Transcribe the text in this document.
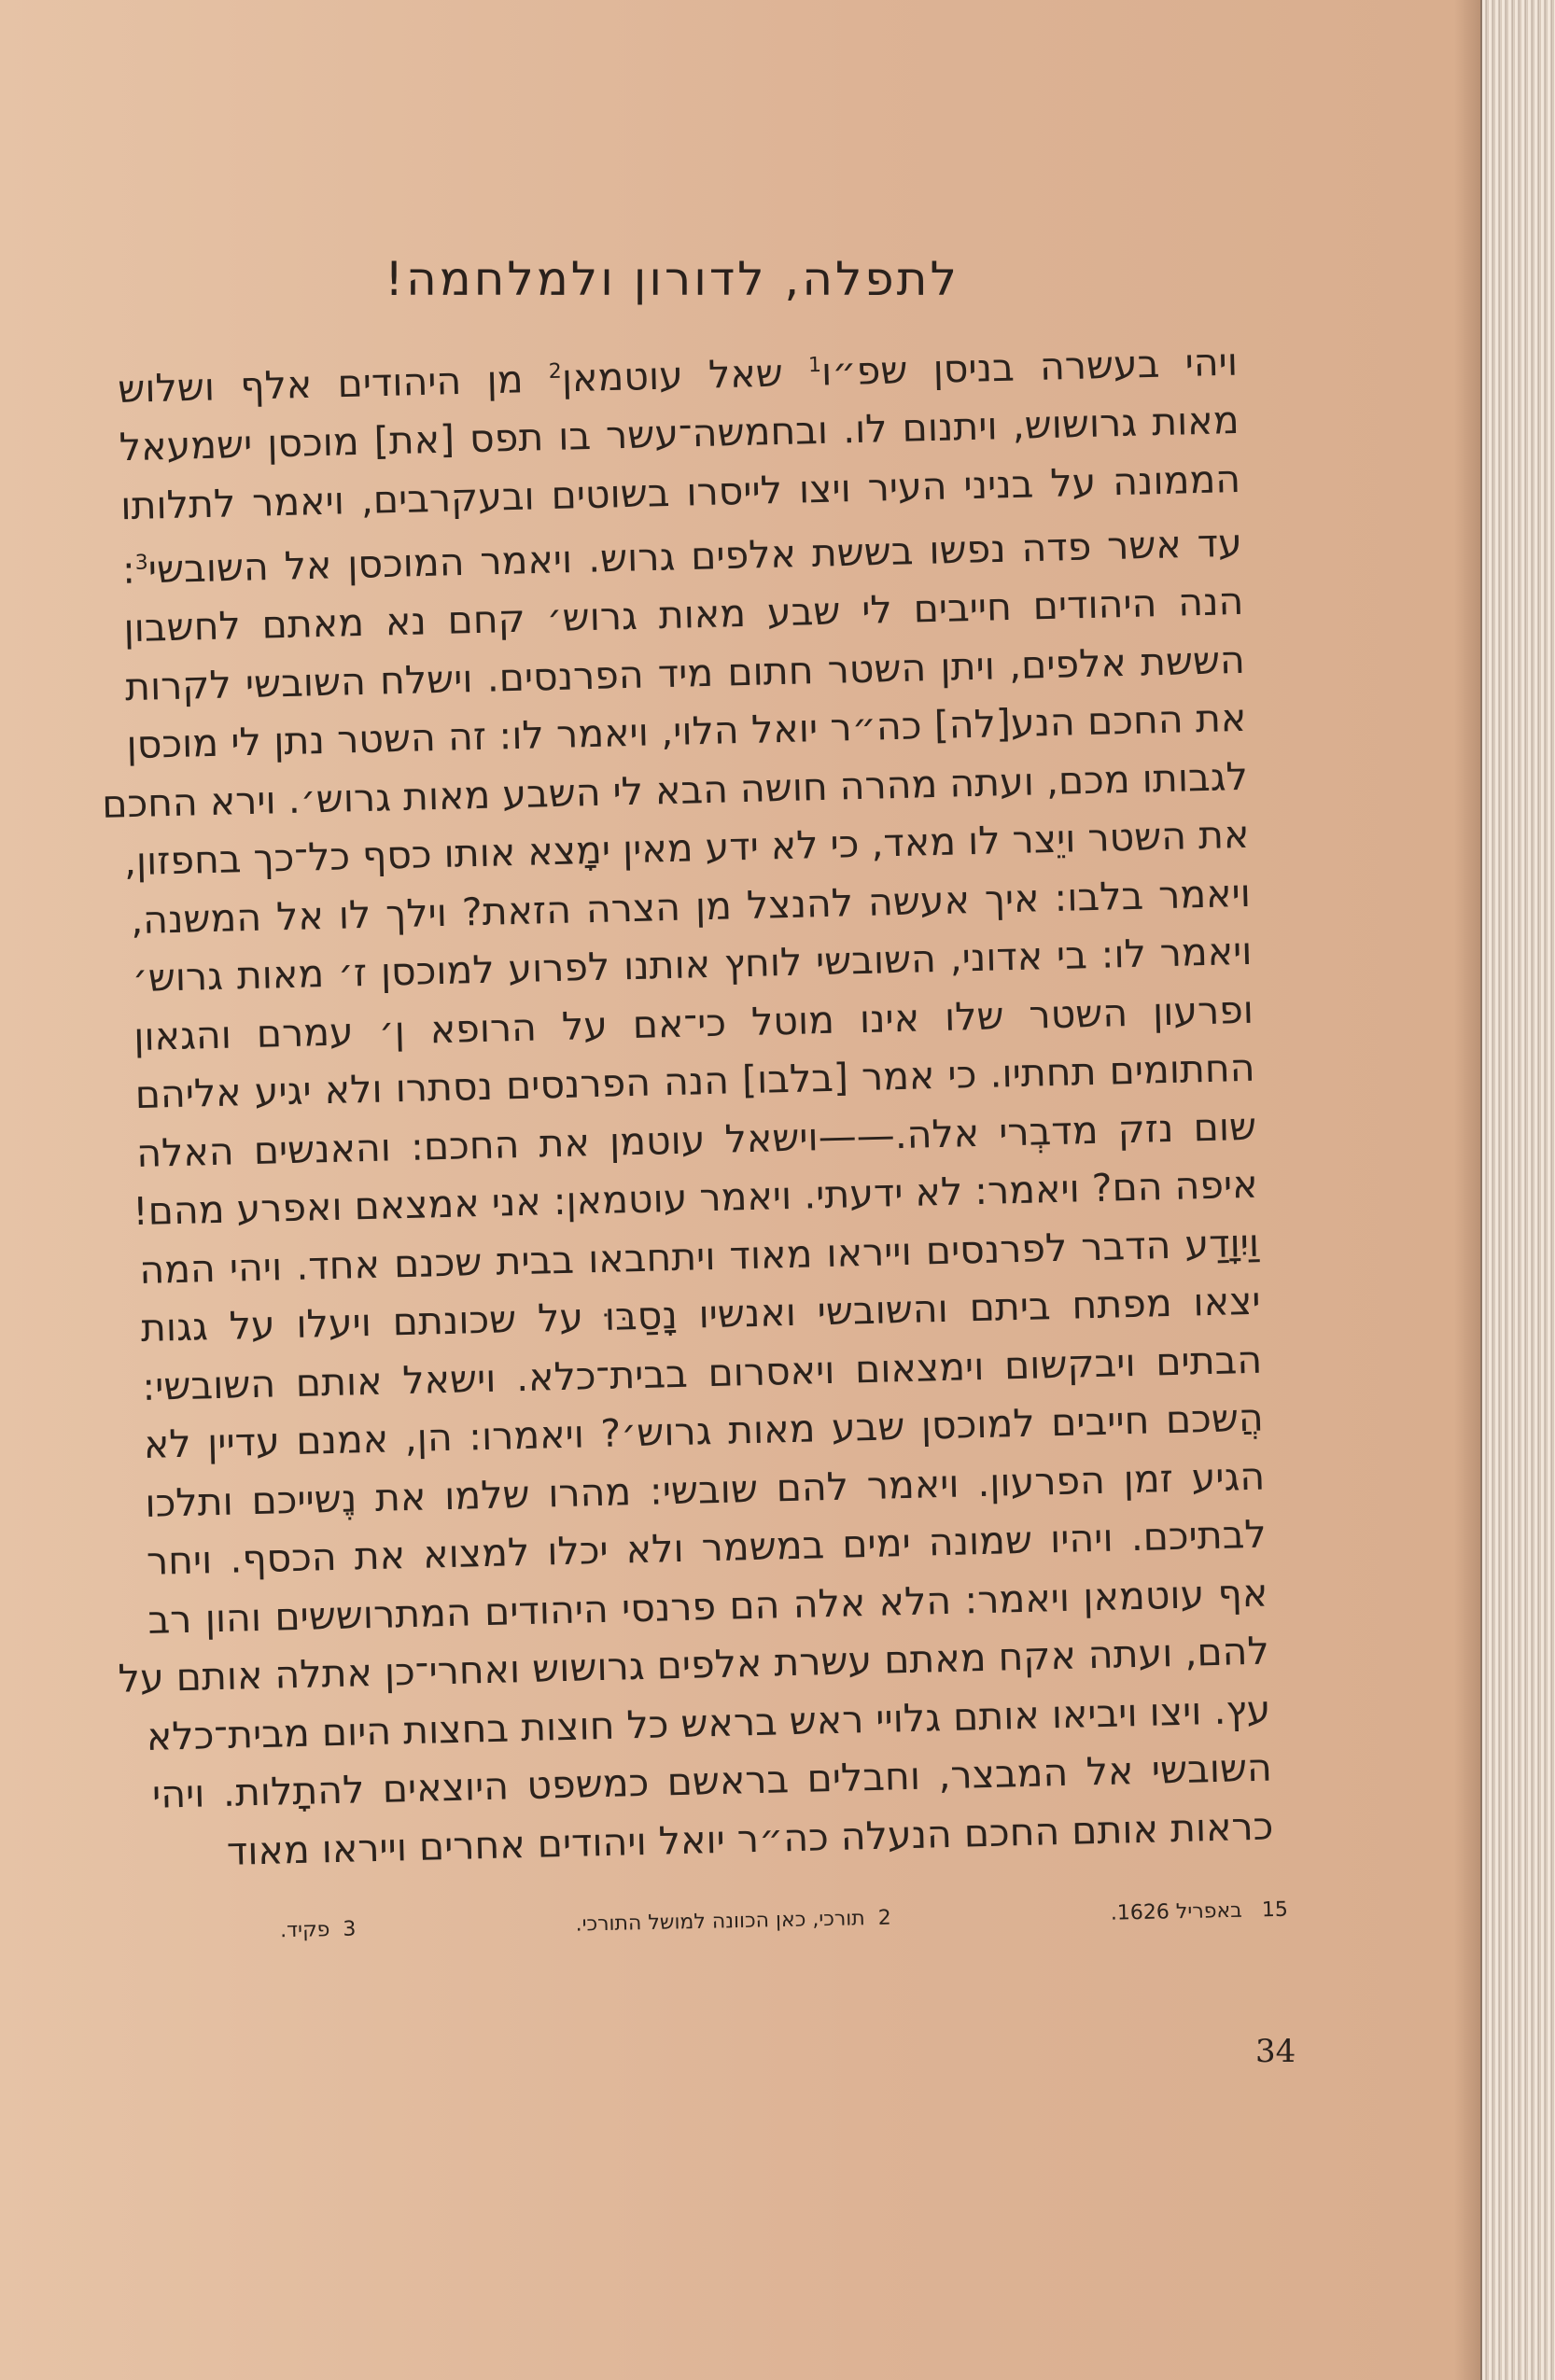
לתפלה, לדורון ולמלחמה!

ויהי בעשרה בניסן שפ״ו$^1$ שאל עוטמאן$^2$ מן היהודים אלף ושלוש

מאות גרושוש, ויתנום לו. ובחמשה־עשר בו תפס [את] מוכסן ישמעאל

הממונה על בניני העיר ויצו לייסרו בשוטים ובעקרבים, ויאמר לתלותו

עד אשר פדה נפשו בששת אלפים גרוש. ויאמר המוכסן אל השובשי$^3$:

הנה היהודים חייבים לי שבע מאות גרוש׳ קחם נא מאתם לחשבון

הששת אלפים, ויתן השטר חתום מיד הפרנסים. וישלח השובשי לקרות

את החכם הנע[לה] כה״ר יואל הלוי, ויאמר לו: זה השטר נתן לי מוכסן

לגבותו מכם, ועתה מהרה חושה הבא לי השבע מאות גרוש׳. וירא החכם

את השטר ויֵצר לו מאד, כי לא ידע מאין ימָצא אותו כסף כל־כך בחפזון,

ויאמר בלבו: איך אעשה להנצל מן הצרה הזאת? וילך לו אל המשנה,

ויאמר לו: בי אדוני, השובשי לוחץ אותנו לפרוע למוכסן ז׳ מאות גרוש׳

ופרעון השטר שלו אינו מוטל כי־אם על הרופא ן׳ עמרם והגאון

החתומים תחתיו. כי אמר [בלבו] הנה הפרנסים נסתרו ולא יגיע אליהם

שום נזק מדבְרי אלה.——וישאל עוטמן את החכם: והאנשים האלה

איפה הם? ויאמר: לא ידעתי. ויאמר עוטמאן: אני אמצאם ואפרע מהם!

וַיִוָדַע הדבר לפרנסים וייראו מאוד ויתחבאו בבית שכנם אחד. ויהי המה

יצאו מפתח ביתם והשובשי ואנשיו נָסַבּוּ על שכונתם ויעלו על גגות

הבתים ויבקשום וימצאום ויאסרום בבית־כלא. וישאל אותם השובשי:

הֲשכם חייבים למוכסן שבע מאות גרוש׳? ויאמרו: הן, אמנם עדיין לא

הגיע זמן הפרעון. ויאמר להם שובשי: מהרו שלמו את נֶשייכם ותלכו

לבתיכם. ויהיו שמונה ימים במשמר ולא יכלו למצוא את הכסף. ויחר

אף עוטמאן ויאמר: הלא אלה הם פרנסי היהודים המתרוששים והון רב

להם, ועתה אקח מאתם עשרת אלפים גרושוש ואחרי־כן אתלה אותם על

עץ. ויצו ויביאו אותם גלויי ראש בראש כל חוצות בחצות היום מבית־כלא

השובשי אל המבצר, וחבלים בראשם כמשפט היוצאים להתָלות. ויהי

כראות אותם החכם הנעלה כה״ר יואל ויהודים אחרים וייראו מאוד

15 באפריל 1626.
2תורכי, כאן הכוונה למושל התורכי.
3פקיד.
34
